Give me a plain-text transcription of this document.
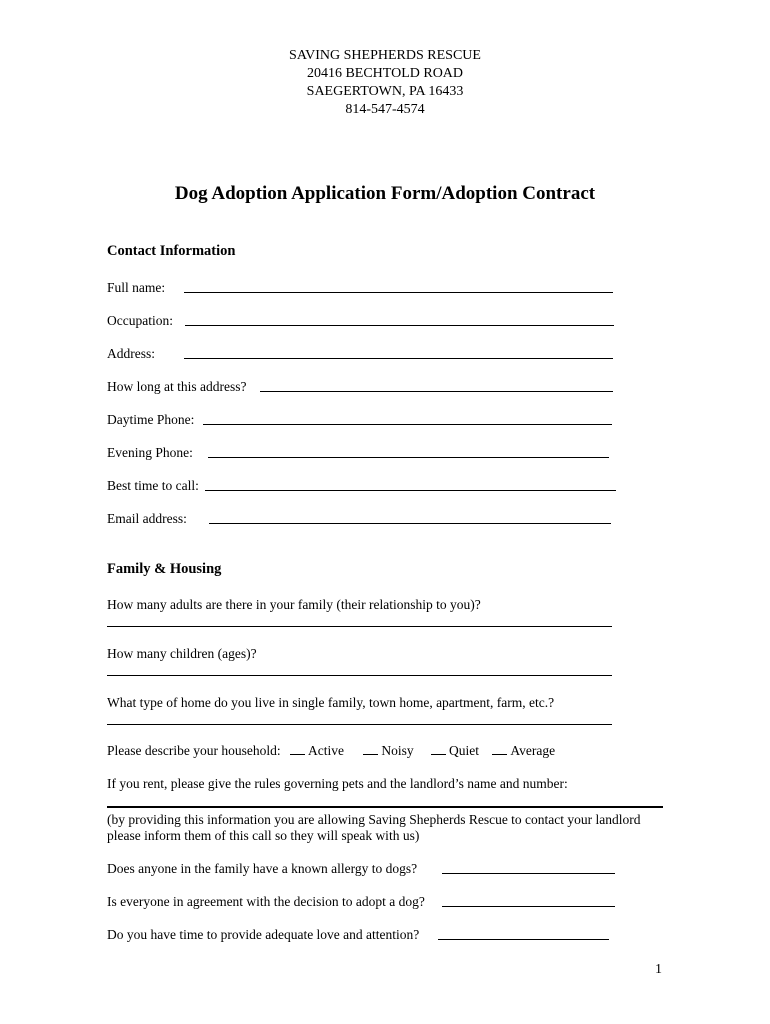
SAVING SHEPHERDS RESCUE
20416 BECHTOLD ROAD
SAEGERTOWN, PA 16433
814-547-4574
Dog Adoption Application Form/Adoption Contract
Contact Information
Full name:
Occupation:
Address:
How long at this address?
Daytime Phone:
Evening Phone:
Best time to call:
Email address:
Family & Housing
How many adults are there in your family (their relationship to you)?
How many children (ages)?
What type of home do you live in single family, town home, apartment, farm, etc.?
Please describe your household: Active	Noisy	Quiet Average
If you rent, please give the rules governing pets and the landlord’s name and number:
(by providing this information you are allowing Saving Shepherds Rescue to contact your landlord please inform them of this call so they will speak with us)
Does anyone in the family have a known allergy to dogs?
Is everyone in agreement with the decision to adopt a dog?
Do you have time to provide adequate love and attention?
1
